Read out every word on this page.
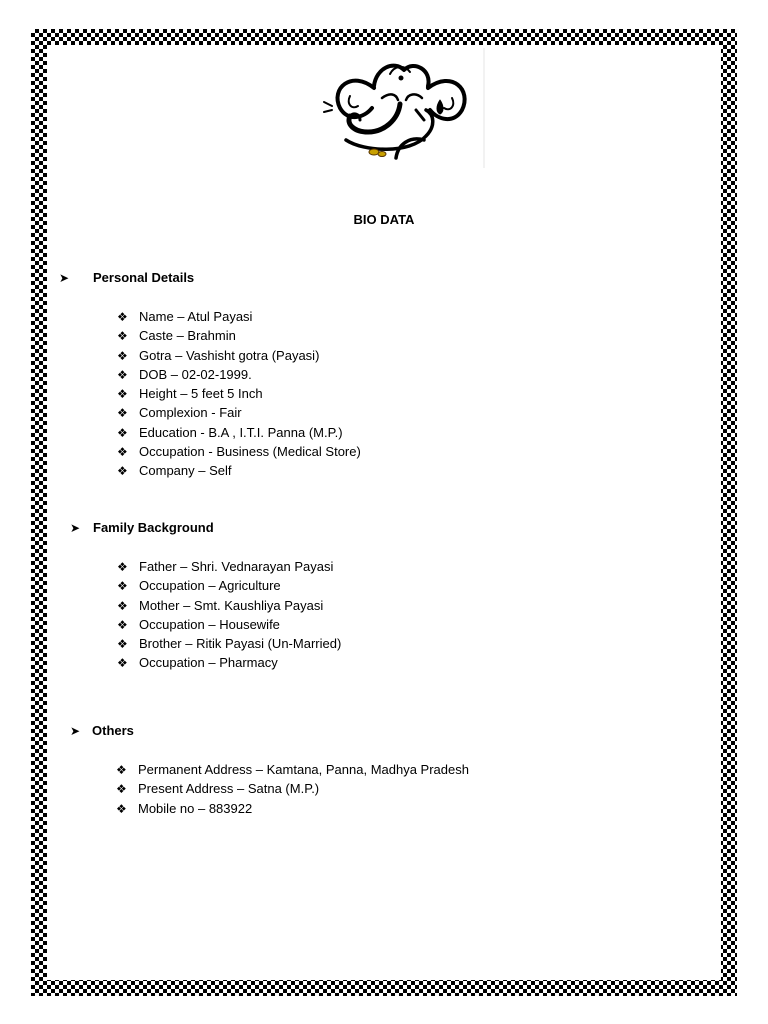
BIO DATA
➤ Personal Details
❖ Name – Atul Payasi
❖ Caste – Brahmin
❖ Gotra – Vashisht gotra (Payasi)
❖ DOB – 02-02-1999.
❖ Height – 5 feet 5 Inch
❖ Complexion - Fair
❖ Education - B.A , I.T.I. Panna (M.P.)
❖ Occupation - Business (Medical Store)
❖ Company – Self
➤ Family Background
❖ Father – Shri. Vednarayan Payasi
❖ Occupation – Agriculture
❖ Mother – Smt. Kaushliya Payasi
❖ Occupation – Housewife
❖ Brother – Ritik Payasi (Un-Married)
❖ Occupation – Pharmacy
➤ Others
❖ Permanent Address – Kamtana, Panna, Madhya Pradesh
❖ Present Address – Satna (M.P.)
❖ Mobile no – 883922
